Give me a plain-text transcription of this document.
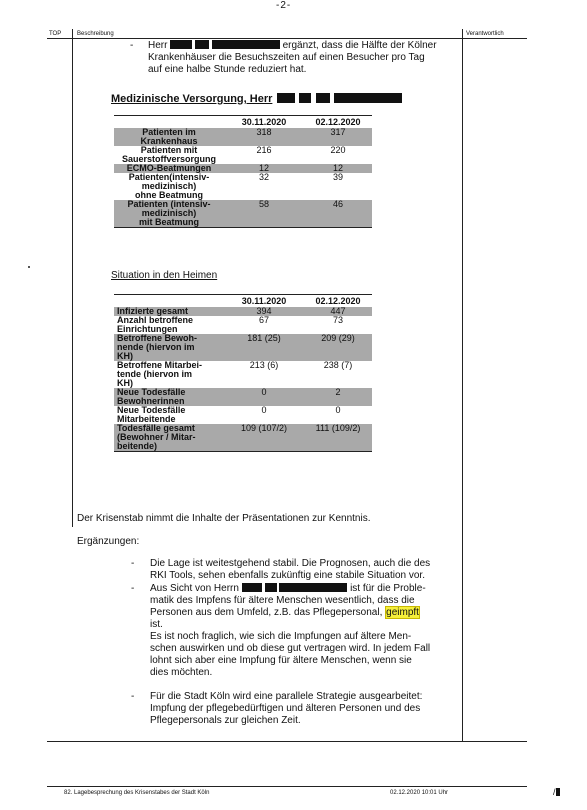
-2-
TOP	Beschreibung	Verantwortlich
- Herr	ergänzt, dass die Hälfte der Kölner
Krankenhäuser die Besuchszeiten auf einen Besucher pro Tag
auf eine halbe Stunde reduziert hat.
Medizinische Versorgung, Herr
	30.11.2020	02.12.2020

Patienten im
Krankenhaus	318	317

Patienten mit
Sauerstoffversorgung	216	220

ECMO-Beatmungen	12	12

Patienten(intensiv-
medizinisch)
ohne Beatmung	32	39

Patienten (intensiv-
medizinisch)
mit Beatmung	58	46
Situation in den Heimen
	30.11.2020	02.12.2020

Infizierte gesamt	394	447

Anzahl betroffene
Einrichtungen	67	73

Betroffene Bewoh-
nende (hiervon im
KH)	181 (25)	209 (29)

Betroffene Mitarbei-
tende (hiervon im
KH)	213 (6)	238 (7)

Neue Todesfälle
Bewohnerinnen	0	2

Neue Todesfälle
Mitarbeitende	0	0

Todesfälle gesamt
(Bewohner / Mitar-
beitende)	109 (107/2)	111 (109/2)
Der Krisenstab nimmt die Inhalte der Präsentationen zur Kenntnis.
Ergänzungen:
- Die Lage ist weitestgehend stabil. Die Prognosen, auch die des
RKI Tools, sehen ebenfalls zukünftig eine stabile Situation vor.
- Aus Sicht von Herrn	ist für die Proble-
matik des Impfens für ältere Menschen wesentlich, dass die
Personen aus dem Umfeld, z.B. das Pflegepersonal, geimpft
ist.
Es ist noch fraglich, wie sich die Impfungen auf ältere Men-
schen auswirken und ob diese gut vertragen wird. In jedem Fall
lohnt sich aber eine Impfung für ältere Menschen, wenn sie
dies möchten.
- Für die Stadt Köln wird eine parallele Strategie ausgearbeitet:
Impfung der pflegebedürftigen und älteren Personen und des
Pflegepersonals zur gleichen Zeit.
82. Lagebesprechung des Krisenstabes der Stadt Köln	02.12.2020 10:01 Uhr	/
